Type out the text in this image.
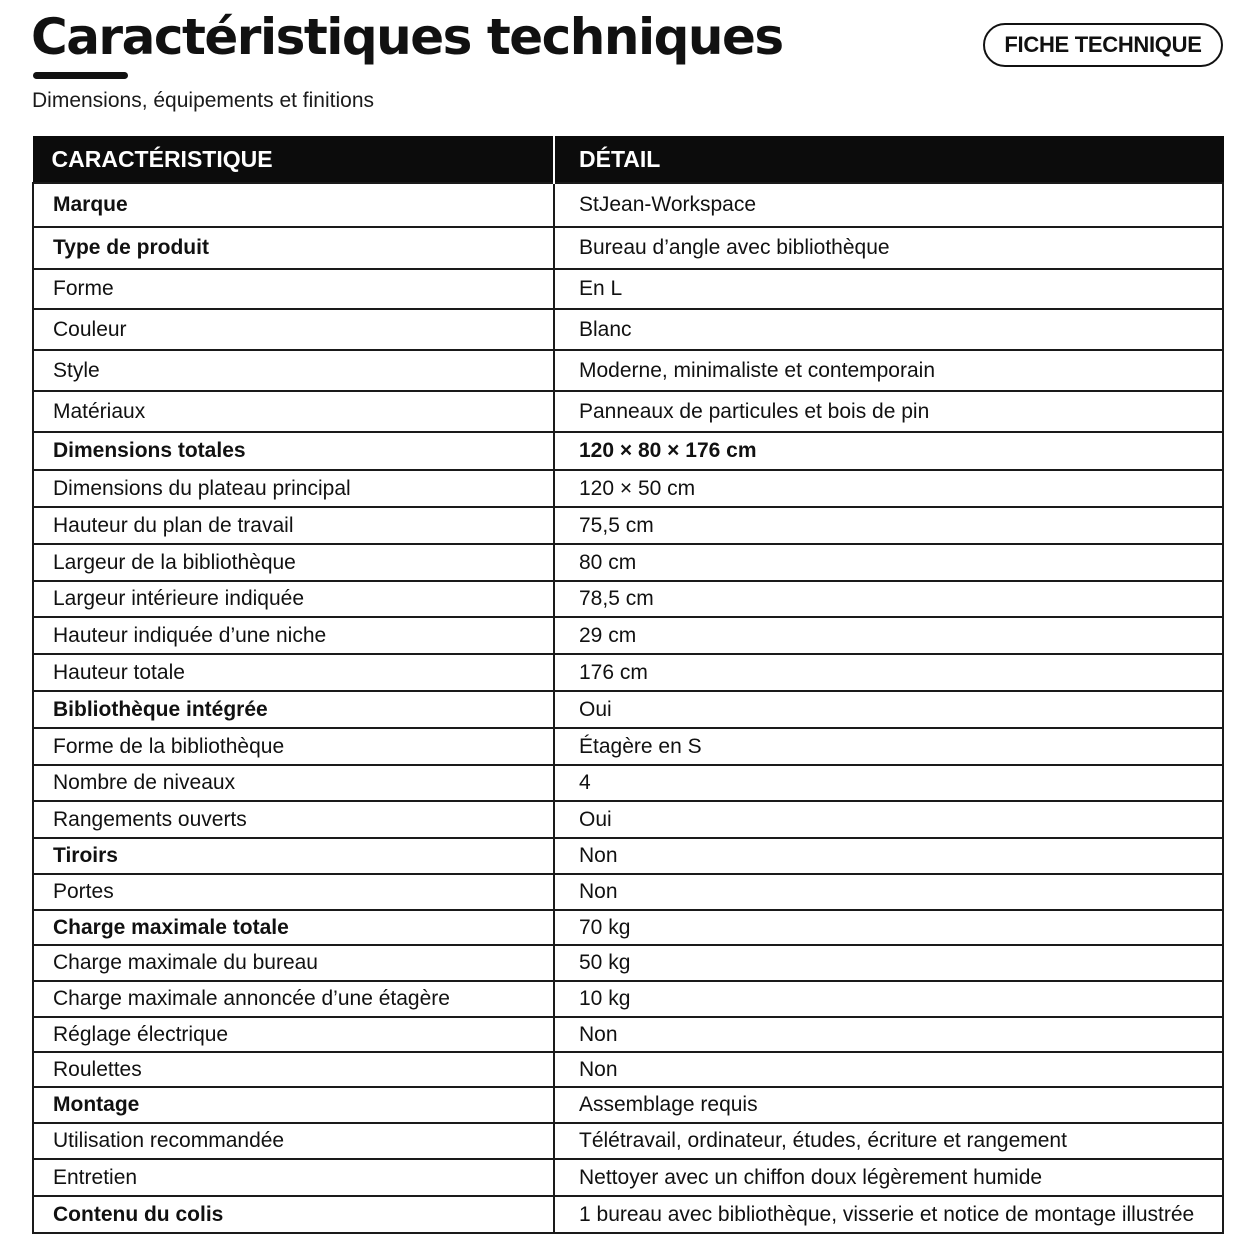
Caractéristiques techniques
Dimensions, équipements et finitions
FICHE TECHNIQUE
CARACTÉRISTIQUE	DÉTAIL
Marque	StJean-Workspace
Type de produit	Bureau d’angle avec bibliothèque
Forme	En L
Couleur	Blanc
Style	Moderne, minimaliste et contemporain
Matériaux	Panneaux de particules et bois de pin
Dimensions totales	120 × 80 × 176 cm
Dimensions du plateau principal	120 × 50 cm
Hauteur du plan de travail	75,5 cm
Largeur de la bibliothèque	80 cm
Largeur intérieure indiquée	78,5 cm
Hauteur indiquée d’une niche	29 cm
Hauteur totale	176 cm
Bibliothèque intégrée	Oui
Forme de la bibliothèque	Étagère en S
Nombre de niveaux	4
Rangements ouverts	Oui
Tiroirs	Non
Portes	Non
Charge maximale totale	70 kg
Charge maximale du bureau	50 kg
Charge maximale annoncée d’une étagère	10 kg
Réglage électrique	Non
Roulettes	Non
Montage	Assemblage requis
Utilisation recommandée	Télétravail, ordinateur, études, écriture et rangement
Entretien	Nettoyer avec un chiffon doux légèrement humide
Contenu du colis	1 bureau avec bibliothèque, visserie et notice de montage illustrée
